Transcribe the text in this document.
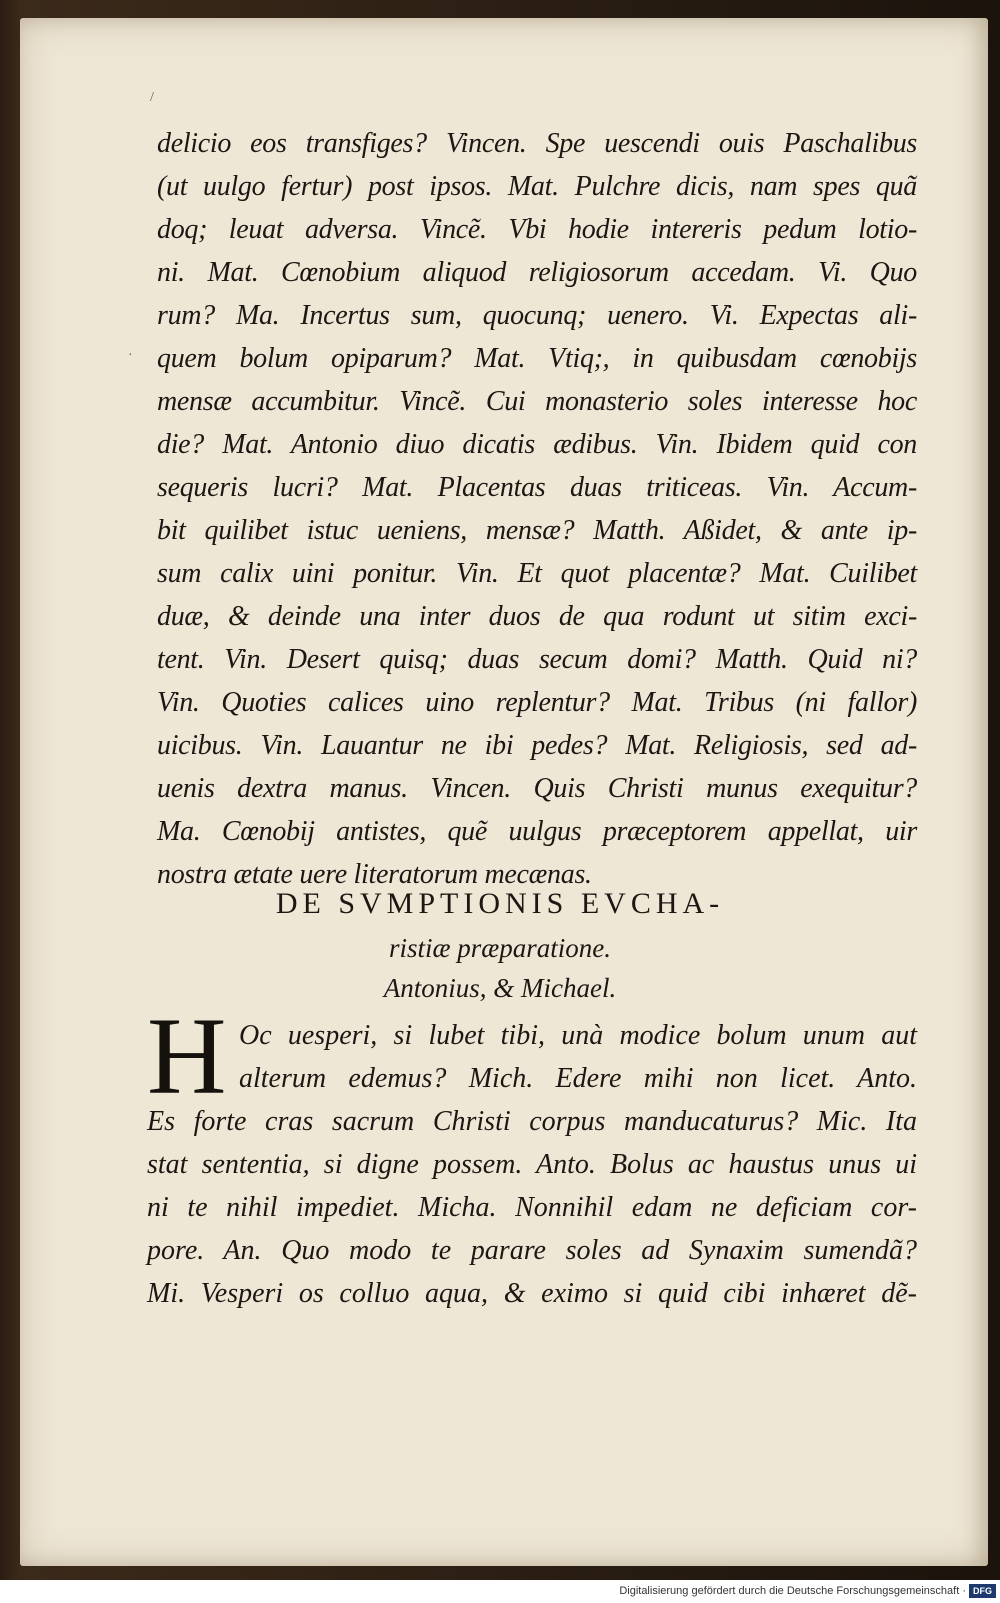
/
·
delicio eos transfiges? Vincen. Spe uescendi ouis Paschalibus
(ut uulgo fertur) post ipsos. Mat. Pulchre dicis, nam spes quã
doq; leuat adversa. Vincẽ. Vbi hodie intereris pedum lotio-
ni. Mat. Cœnobium aliquod religiosorum accedam. Vi. Quo
rum? Ma. Incertus sum, quocunq; uenero. Vi. Expectas ali-
quem bolum opiparum? Mat. Vtiq;, in quibusdam cœnobijs
mensæ accumbitur. Vincẽ. Cui monasterio soles interesse hoc
die? Mat. Antonio diuo dicatis ædibus. Vin. Ibidem quid con
sequeris lucri? Mat. Placentas duas triticeas. Vin. Accum-
bit quilibet istuc ueniens, mensæ? Matth. Aßidet, & ante ip-
sum calix uini ponitur. Vin. Et quot placentæ? Mat. Cuilibet
duæ, & deinde una inter duos de qua rodunt ut sitim exci-
tent. Vin. Desert quisq; duas secum domi? Matth. Quid ni?
Vin. Quoties calices uino replentur? Mat. Tribus (ni fallor)
uicibus. Vin. Lauantur ne ibi pedes? Mat. Religiosis, sed ad-
uenis dextra manus. Vincen. Quis Christi munus exequitur?
Ma. Cœnobij antistes, quẽ uulgus præceptorem appellat, uir
nostra ætate uere literatorum mecænas.
DE SVMPTIONIS EVCHA-
ristiæ præparatione.
Antonius, & Michael.
H Oc uesperi, si lubet tibi, unà modice bolum unum aut
alterum edemus? Mich. Edere mihi non licet. Anto.
Es forte cras sacrum Christi corpus manducaturus? Mic. Ita
stat sententia, si digne possem. Anto. Bolus ac haustus unus ui
ni te nihil impediet. Micha. Nonnihil edam ne deficiam cor-
pore. An. Quo modo te parare soles ad Synaxim sumendã?
Mi. Vesperi os colluo aqua, & eximo si quid cibi inhæret dẽ-
Digitalisierung gefördert durch die Deutsche Forschungsgemeinschaft · DFG
